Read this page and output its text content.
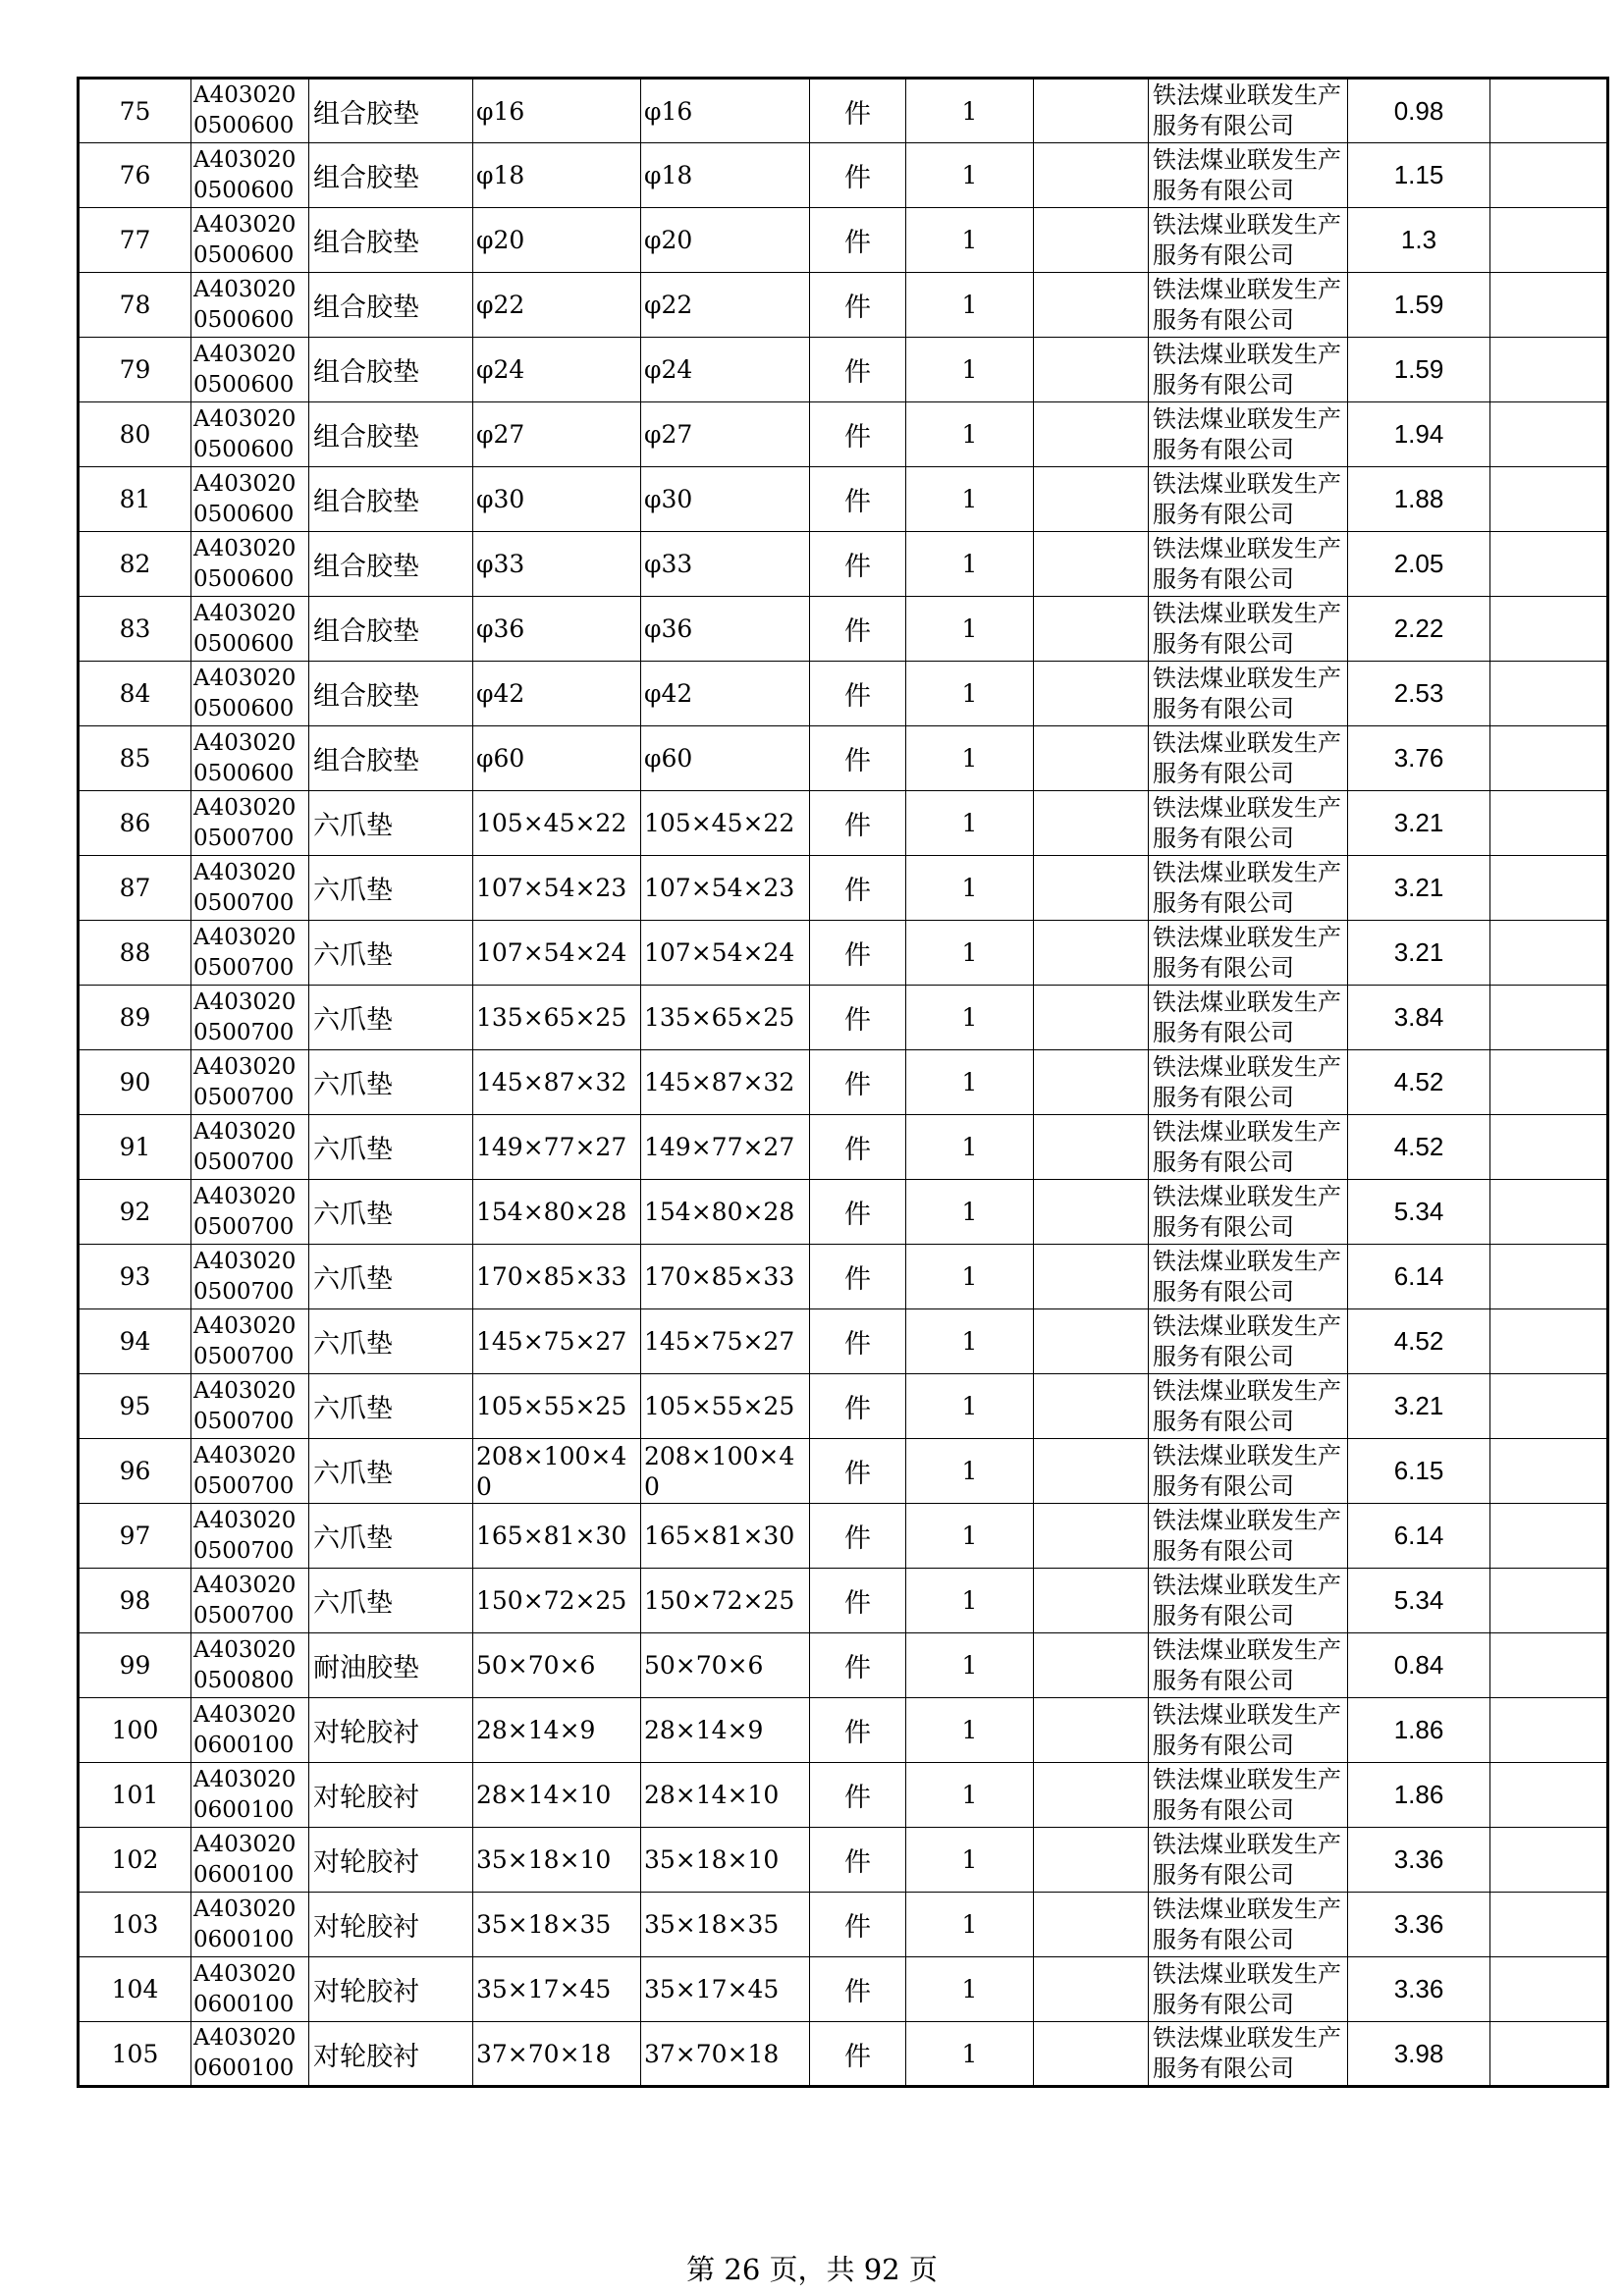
75	A4030200500600	组合胶垫	φ16	φ16	件	1		铁法煤业联发生产服务有限公司	0.98	
76	A4030200500600	组合胶垫	φ18	φ18	件	1		铁法煤业联发生产服务有限公司	1.15	
77	A4030200500600	组合胶垫	φ20	φ20	件	1		铁法煤业联发生产服务有限公司	1.3	
78	A4030200500600	组合胶垫	φ22	φ22	件	1		铁法煤业联发生产服务有限公司	1.59	
79	A4030200500600	组合胶垫	φ24	φ24	件	1		铁法煤业联发生产服务有限公司	1.59	
80	A4030200500600	组合胶垫	φ27	φ27	件	1		铁法煤业联发生产服务有限公司	1.94	
81	A4030200500600	组合胶垫	φ30	φ30	件	1		铁法煤业联发生产服务有限公司	1.88	
82	A4030200500600	组合胶垫	φ33	φ33	件	1		铁法煤业联发生产服务有限公司	2.05	
83	A4030200500600	组合胶垫	φ36	φ36	件	1		铁法煤业联发生产服务有限公司	2.22	
84	A4030200500600	组合胶垫	φ42	φ42	件	1		铁法煤业联发生产服务有限公司	2.53	
85	A4030200500600	组合胶垫	φ60	φ60	件	1		铁法煤业联发生产服务有限公司	3.76	
86	A4030200500700	六爪垫	105×45×22	105×45×22	件	1		铁法煤业联发生产服务有限公司	3.21	
87	A4030200500700	六爪垫	107×54×23	107×54×23	件	1		铁法煤业联发生产服务有限公司	3.21	
88	A4030200500700	六爪垫	107×54×24	107×54×24	件	1		铁法煤业联发生产服务有限公司	3.21	
89	A4030200500700	六爪垫	135×65×25	135×65×25	件	1		铁法煤业联发生产服务有限公司	3.84	
90	A4030200500700	六爪垫	145×87×32	145×87×32	件	1		铁法煤业联发生产服务有限公司	4.52	
91	A4030200500700	六爪垫	149×77×27	149×77×27	件	1		铁法煤业联发生产服务有限公司	4.52	
92	A4030200500700	六爪垫	154×80×28	154×80×28	件	1		铁法煤业联发生产服务有限公司	5.34	
93	A4030200500700	六爪垫	170×85×33	170×85×33	件	1		铁法煤业联发生产服务有限公司	6.14	
94	A4030200500700	六爪垫	145×75×27	145×75×27	件	1		铁法煤业联发生产服务有限公司	4.52	
95	A4030200500700	六爪垫	105×55×25	105×55×25	件	1		铁法煤业联发生产服务有限公司	3.21	
96	A4030200500700	六爪垫	208×100×40	208×100×40	件	1		铁法煤业联发生产服务有限公司	6.15	
97	A4030200500700	六爪垫	165×81×30	165×81×30	件	1		铁法煤业联发生产服务有限公司	6.14	
98	A4030200500700	六爪垫	150×72×25	150×72×25	件	1		铁法煤业联发生产服务有限公司	5.34	
99	A4030200500800	耐油胶垫	50×70×6	50×70×6	件	1		铁法煤业联发生产服务有限公司	0.84	
100	A4030200600100	对轮胶衬	28×14×9	28×14×9	件	1		铁法煤业联发生产服务有限公司	1.86	
101	A4030200600100	对轮胶衬	28×14×10	28×14×10	件	1		铁法煤业联发生产服务有限公司	1.86	
102	A4030200600100	对轮胶衬	35×18×10	35×18×10	件	1		铁法煤业联发生产服务有限公司	3.36	
103	A4030200600100	对轮胶衬	35×18×35	35×18×35	件	1		铁法煤业联发生产服务有限公司	3.36	
104	A4030200600100	对轮胶衬	35×17×45	35×17×45	件	1		铁法煤业联发生产服务有限公司	3.36	
105	A4030200600100	对轮胶衬	37×70×18	37×70×18	件	1		铁法煤业联发生产服务有限公司	3.98	
第 26 页，共 92 页
